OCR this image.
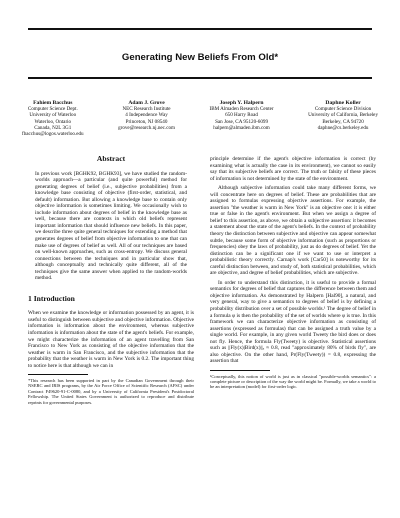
Generating New Beliefs From Old*
Fahiem Bacchus
Computer Science Dept.
University of Waterloo
Waterloo, Ontario
Canada, N2L 3G1
fbacchus@logos.waterloo.edu
Adam J. Grove
NEC Research Institute
4 Independence Way
Princeton, NJ 08540
grove@research.nj.nec.com
Joseph Y. Halpern
IBM Almaden Research Center
650 Harry Road
San Jose, CA 95120-6099
halpern@almaden.ibm.com
Daphne Koller
Computer Science Division
University of California, Berkeley
Berkeley, CA 94720
daphne@cs.berkeley.edu
Abstract
In previous work [BGHK92, BGHK93], we have studied the random-worlds approach—a particular (and quite powerful) method for generating degrees of belief (i.e., subjective probabilities) from a knowledge base consisting of objective (first-order, statistical, and default) information. But allowing a knowledge base to contain only objective information is sometimes limiting. We occasionally wish to include information about degrees of belief in the knowledge base as well, because there are contexts in which old beliefs represent important information that should influence new beliefs. In this paper, we describe three quite general techniques for extending a method that generates degrees of belief from objective information to one that can make use of degrees of belief as well. All of our techniques are based on well-known approaches, such as cross-entropy. We discuss general connections between the techniques and in particular show that, although conceptually and technically quite different, all of the techniques give the same answer when applied to the random-worlds method.
1 Introduction

When we examine the knowledge or information possessed by an agent, it is useful to distinguish between subjective and objective information. Objective information is information about the environment, whereas subjective information is information about the state of the agent's beliefs. For example, we might characterize the information of an agent travelling from San Francisco to New York as consisting of the objective information that the weather is warm in San Francisco, and the subjective information that the probability that the weather is warm in New York is 0.2. The important thing to notice here is that although we can in

*This research has been supported in part by the Canadian Government through their NSERC and IRIS programs, by the Air Force Office of Scientific Research (AFSC) under Contract F49620-91-C-0080, and by a University of California President's Postdoctoral Fellowship. The United States Government is authorized to reproduce and distribute reprints for governmental purposes.

principle determine if the agent's objective information is correct (by examining what is actually the case in its environment), we cannot so easily say that its subjective beliefs are correct. The truth or falsity of these pieces of information is not determined by the state of the environment.

Although subjective information could take many different forms, we will concentrate here on degrees of belief. These are probabilities that are assigned to formulas expressing objective assertions. For example, the assertion "the weather is warm in New York" is an objective one: it is either true or false in the agent's environment. But when we assign a degree of belief to this assertion, as above, we obtain a subjective assertion: it becomes a statement about the state of the agent's beliefs. In the context of probability theory the distinction between subjective and objective can appear somewhat subtle, because some form of objective information (such as proportions or frequencies) obey the laws of probability, just as do degrees of belief. Yet the distinction can be a significant one if we want to use or interpret a probabilistic theory correctly. Carnap's work [Car50] is noteworthy for its careful distinction between, and study of, both statistical probabilities, which are objective, and degree of belief probabilities, which are subjective.

In order to understand this distinction, it is useful to provide a formal semantics for degrees of belief that captures the difference between them and objective information. As demonstrated by Halpern [Hal90], a natural, and very general, way to give a semantics to degrees of belief is by defining a probability distribution over a set of possible worlds.¹ The degree of belief in a formula φ is then the probability of the set of worlds where φ is true. In this framework we can characterize objective information as consisting of assertions (expressed as formulas) that can be assigned a truth value by a single world. For example, in any given world Tweety the bird does or does not fly. Hence, the formula Fly(Tweety) is objective. Statistical assertions such as ||Fly(x)|Bird(x)||ₓ ≈ 0.8, read "approximately 80% of birds fly", are also objective. On the other hand, Pr(Fly(Tweety)) = 0.8, expressing the assertion that

¹Conceptually, this notion of world is just as in classical "possible-worlds semantics": a complete picture or description of the way the world might be. Formally, we take a world to be an interpretation (model) for first-order logic.
